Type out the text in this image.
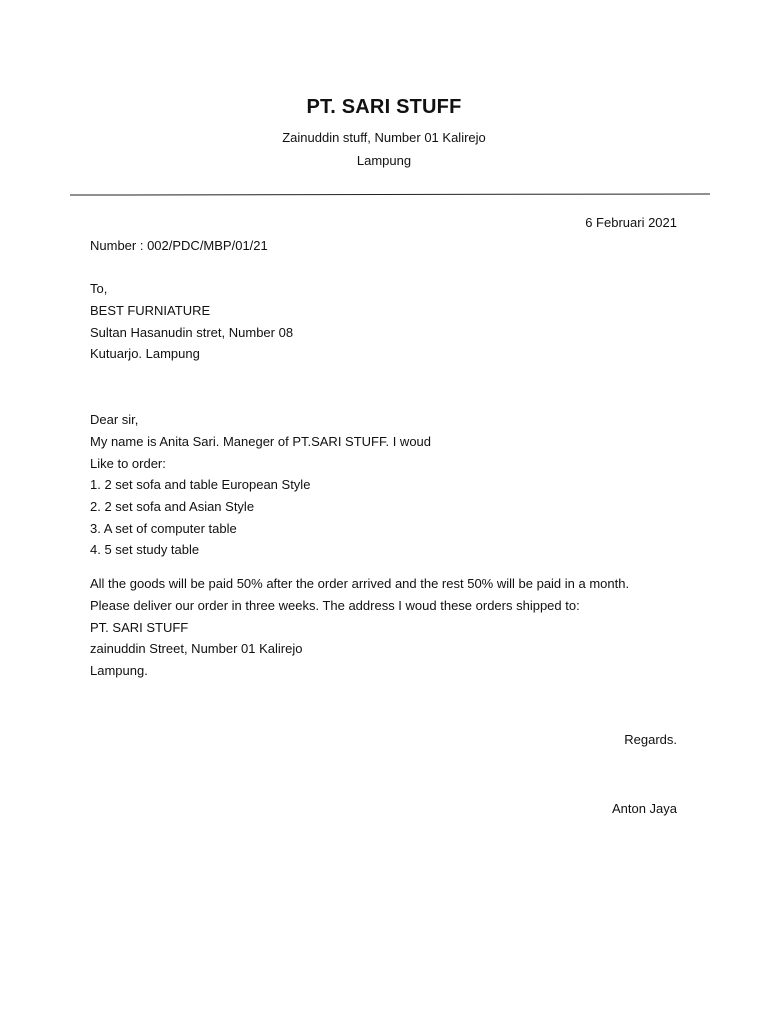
PT. SARI STUFF

Zainuddin stuff, Number 01 Kalirejo

Lampung

6 Februari 2021

Number : 002/PDC/MBP/01/21

To,
BEST FURNIATURE
Sultan Hasanudin stret, Number 08
Kutuarjo. Lampung
Dear sir,
My name is Anita Sari. Maneger of PT.SARI STUFF. I woud
Like to order:
1. 2 set sofa and table European Style
2. 2 set sofa and Asian Style
3. A set of computer table
4. 5 set study table
All the goods will be paid 50% after the order arrived and the rest 50% will be paid in a month.
Please deliver our order in three weeks. The address I woud these orders shipped to:
PT. SARI STUFF
zainuddin Street, Number 01 Kalirejo
Lampung.
Regards.
Anton Jaya
